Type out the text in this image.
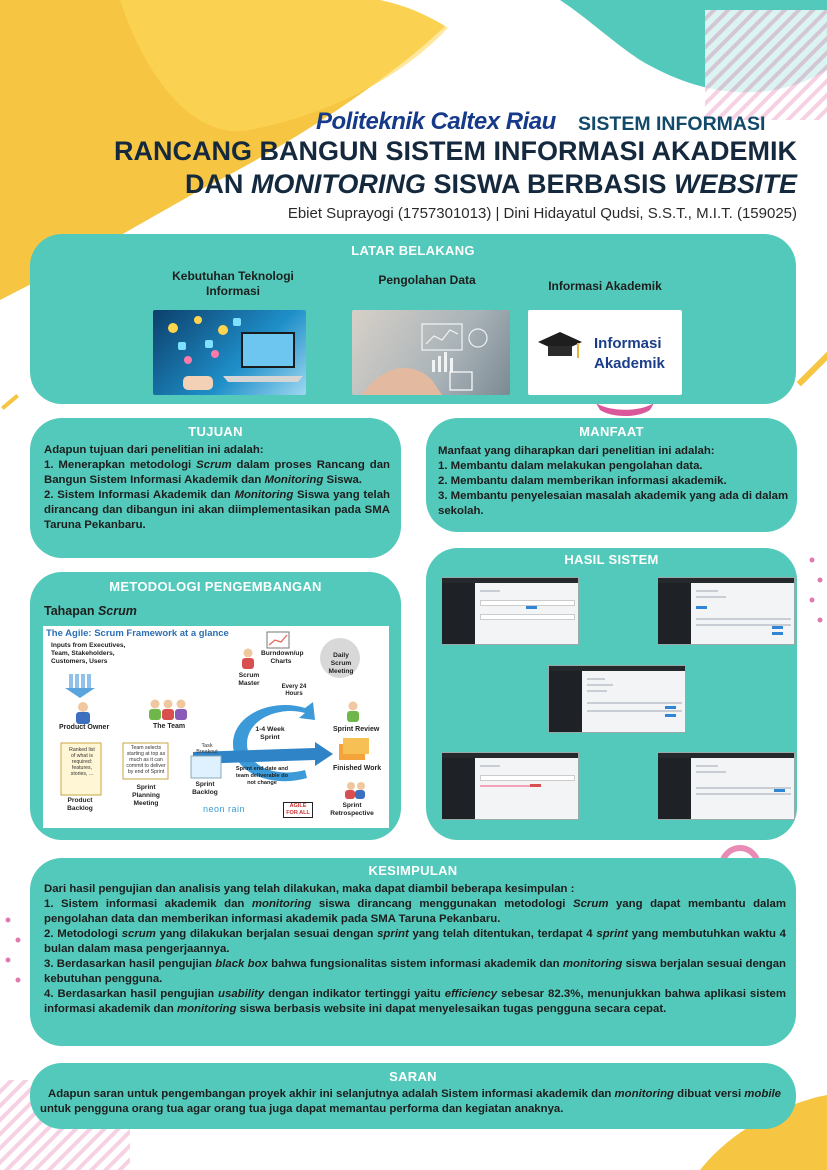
Politeknik Caltex Riau SISTEM INFORMASI
RANCANG BANGUN SISTEM INFORMASI AKADEMIK
DAN MONITORING SISWA BERBASIS WEBSITE
Ebiet Suprayogi (1757301013) | Dini Hidayatul Qudsi, S.S.T., M.I.T. (159025)
LATAR BELAKANG
Kebutuhan Teknologi Informasi
Pengolahan Data	Informasi Akademik
Informasi
Akademik
TUJUAN
Adapun tujuan dari penelitian ini adalah:
1. Menerapkan metodologi Scrum dalam proses Rancang dan Bangun Sistem Informasi Akademik dan Monitoring Siswa.
2. Sistem Informasi Akademik dan Monitoring Siswa yang telah dirancang dan dibangun ini akan diimplementasikan pada SMA Taruna Pekanbaru.
MANFAAT
Manfaat yang diharapkan dari penelitian ini adalah:
1. Membantu dalam melakukan pengolahan data.
2. Membantu dalam memberikan informasi akademik.
3. Membantu penyelesaian masalah akademik yang ada di dalam sekolah.
METODOLOGI PENGEMBANGAN
Tahapan Scrum
The Agile: Scrum Framework at a glance
Inputs from Executives, Team, Stakeholders, Customers, Users
Product Owner	The Team
Scrum Master
Burndown/up Charts
Daily Scrum Meeting
Every 24 Hours
1-4 Week Sprint
Sprint Review
Finished Work
Sprint Retrospective
Ranked list of what is required: features, stories, ...
Product Backlog
Team selects starting at top as much as it can commit to deliver by end of Sprint
Sprint Planning Meeting
Task Breakout
Sprint Backlog
Sprint end date and team deliverable do not change
neon rain	AGILE FOR ALL
HASIL SISTEM
KESIMPULAN
Dari hasil pengujian dan analisis yang telah dilakukan, maka dapat diambil beberapa kesimpulan :
1. Sistem informasi akademik dan monitoring siswa dirancang menggunakan metodologi Scrum yang dapat membantu dalam pengolahan data dan memberikan informasi akademik pada SMA Taruna Pekanbaru.
2. Metodologi scrum yang dilakukan berjalan sesuai dengan sprint yang telah ditentukan, terdapat 4 sprint yang membutuhkan waktu 4 bulan dalam masa pengerjaannya.
3. Berdasarkan hasil pengujian black box bahwa fungsionalitas sistem informasi akademik dan monitoring siswa berjalan sesuai dengan kebutuhan pengguna.
4. Berdasarkan hasil pengujian usability dengan indikator tertinggi yaitu efficiency sebesar 82.3%, menunjukkan bahwa aplikasi sistem informasi akademik dan monitoring siswa berbasis website ini dapat menyelesaikan tugas pengguna secara cepat.
SARAN
Adapun saran untuk pengembangan proyek akhir ini selanjutnya adalah Sistem informasi akademik dan monitoring dibuat versi mobile untuk pengguna orang tua agar orang tua juga dapat memantau performa dan kegiatan anaknya.
